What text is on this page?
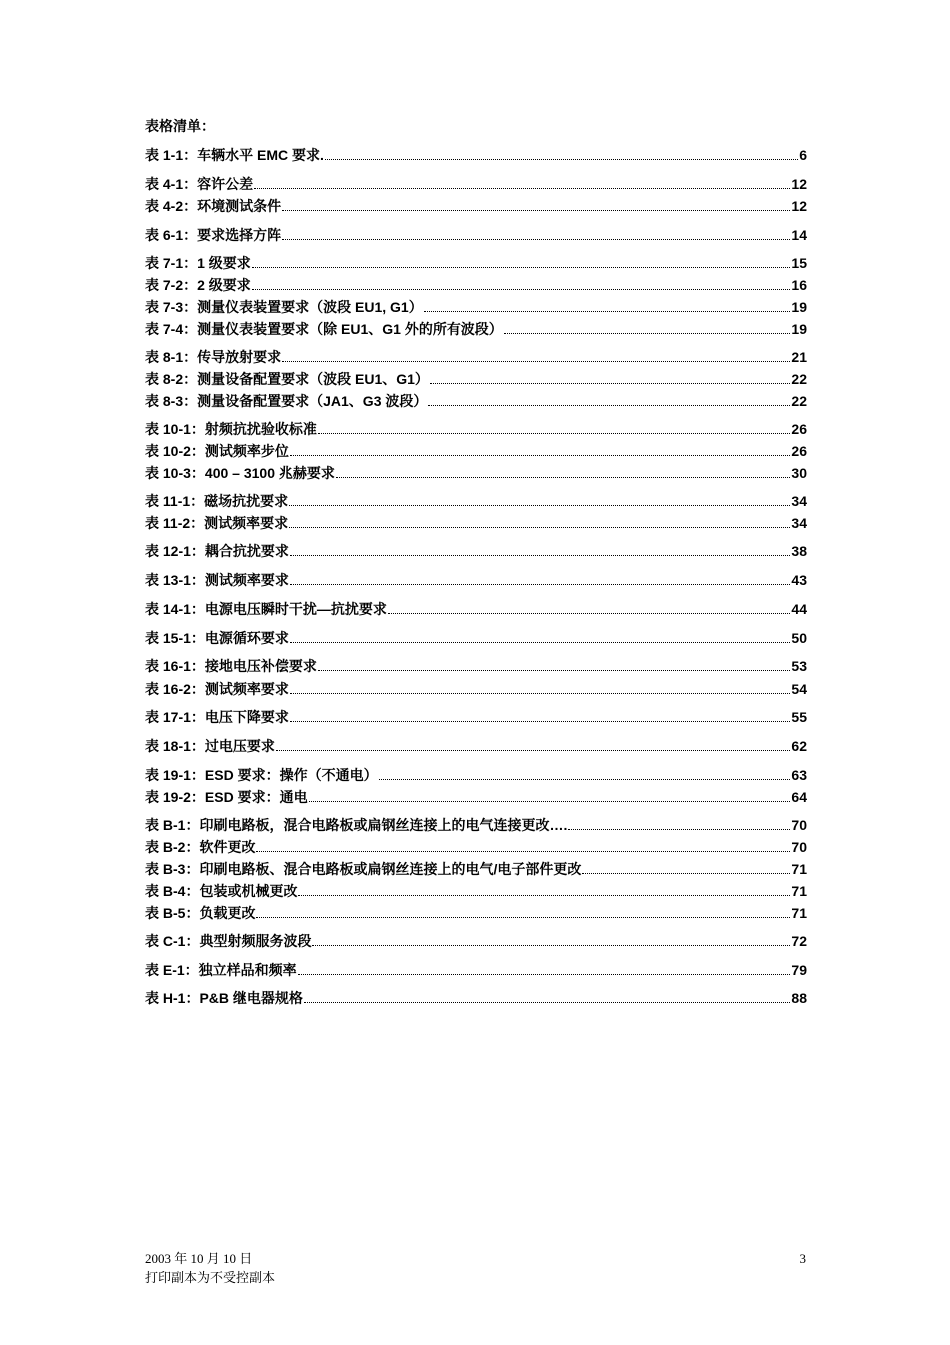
表格清单：
表 1-1：车辆水平 EMC 要求.	6
表 4-1：容许公差	12
表 4-2：环境测试条件	12
表 6-1：要求选择方阵	14
表 7-1：1 级要求	15
表 7-2：2 级要求	16
表 7-3：测量仪表装置要求（波段 EU1, G1）	19
表 7-4：测量仪表装置要求（除 EU1、G1 外的所有波段）	19
表 8-1：传导放射要求	21
表 8-2：测量设备配置要求（波段 EU1、G1）	22
表 8-3：测量设备配置要求（JA1、G3 波段）	22
表 10-1：射频抗扰验收标准	26
表 10-2：测试频率步位	26
表 10-3：400 – 3100 兆赫要求	30
表 11-1：磁场抗扰要求	34
表 11-2：测试频率要求	34
表 12-1：耦合抗扰要求	38
表 13-1：测试频率要求	43
表 14-1：电源电压瞬时干扰—抗扰要求	44
表 15-1：电源循环要求	50
表 16-1：接地电压补偿要求	53
表 16-2：测试频率要求	54
表 17-1：电压下降要求	55
表 18-1：过电压要求	62
表 19-1：ESD 要求：操作（不通电）	63
表 19-2：ESD 要求：通电	64
表 B-1：印刷电路板，混合电路板或扁钢丝连接上的电气连接更改….	70
表 B-2：软件更改	70
表 B-3：印刷电路板、混合电路板或扁钢丝连接上的电气/电子部件更改	71
表 B-4：包装或机械更改	71
表 B-5：负载更改	71
表 C-1：典型射频服务波段	72
表 E-1：独立样品和频率	79
表 H-1：P&B 继电器规格	88
2003 年 10 月 10 日
打印副本为不受控副本
3
